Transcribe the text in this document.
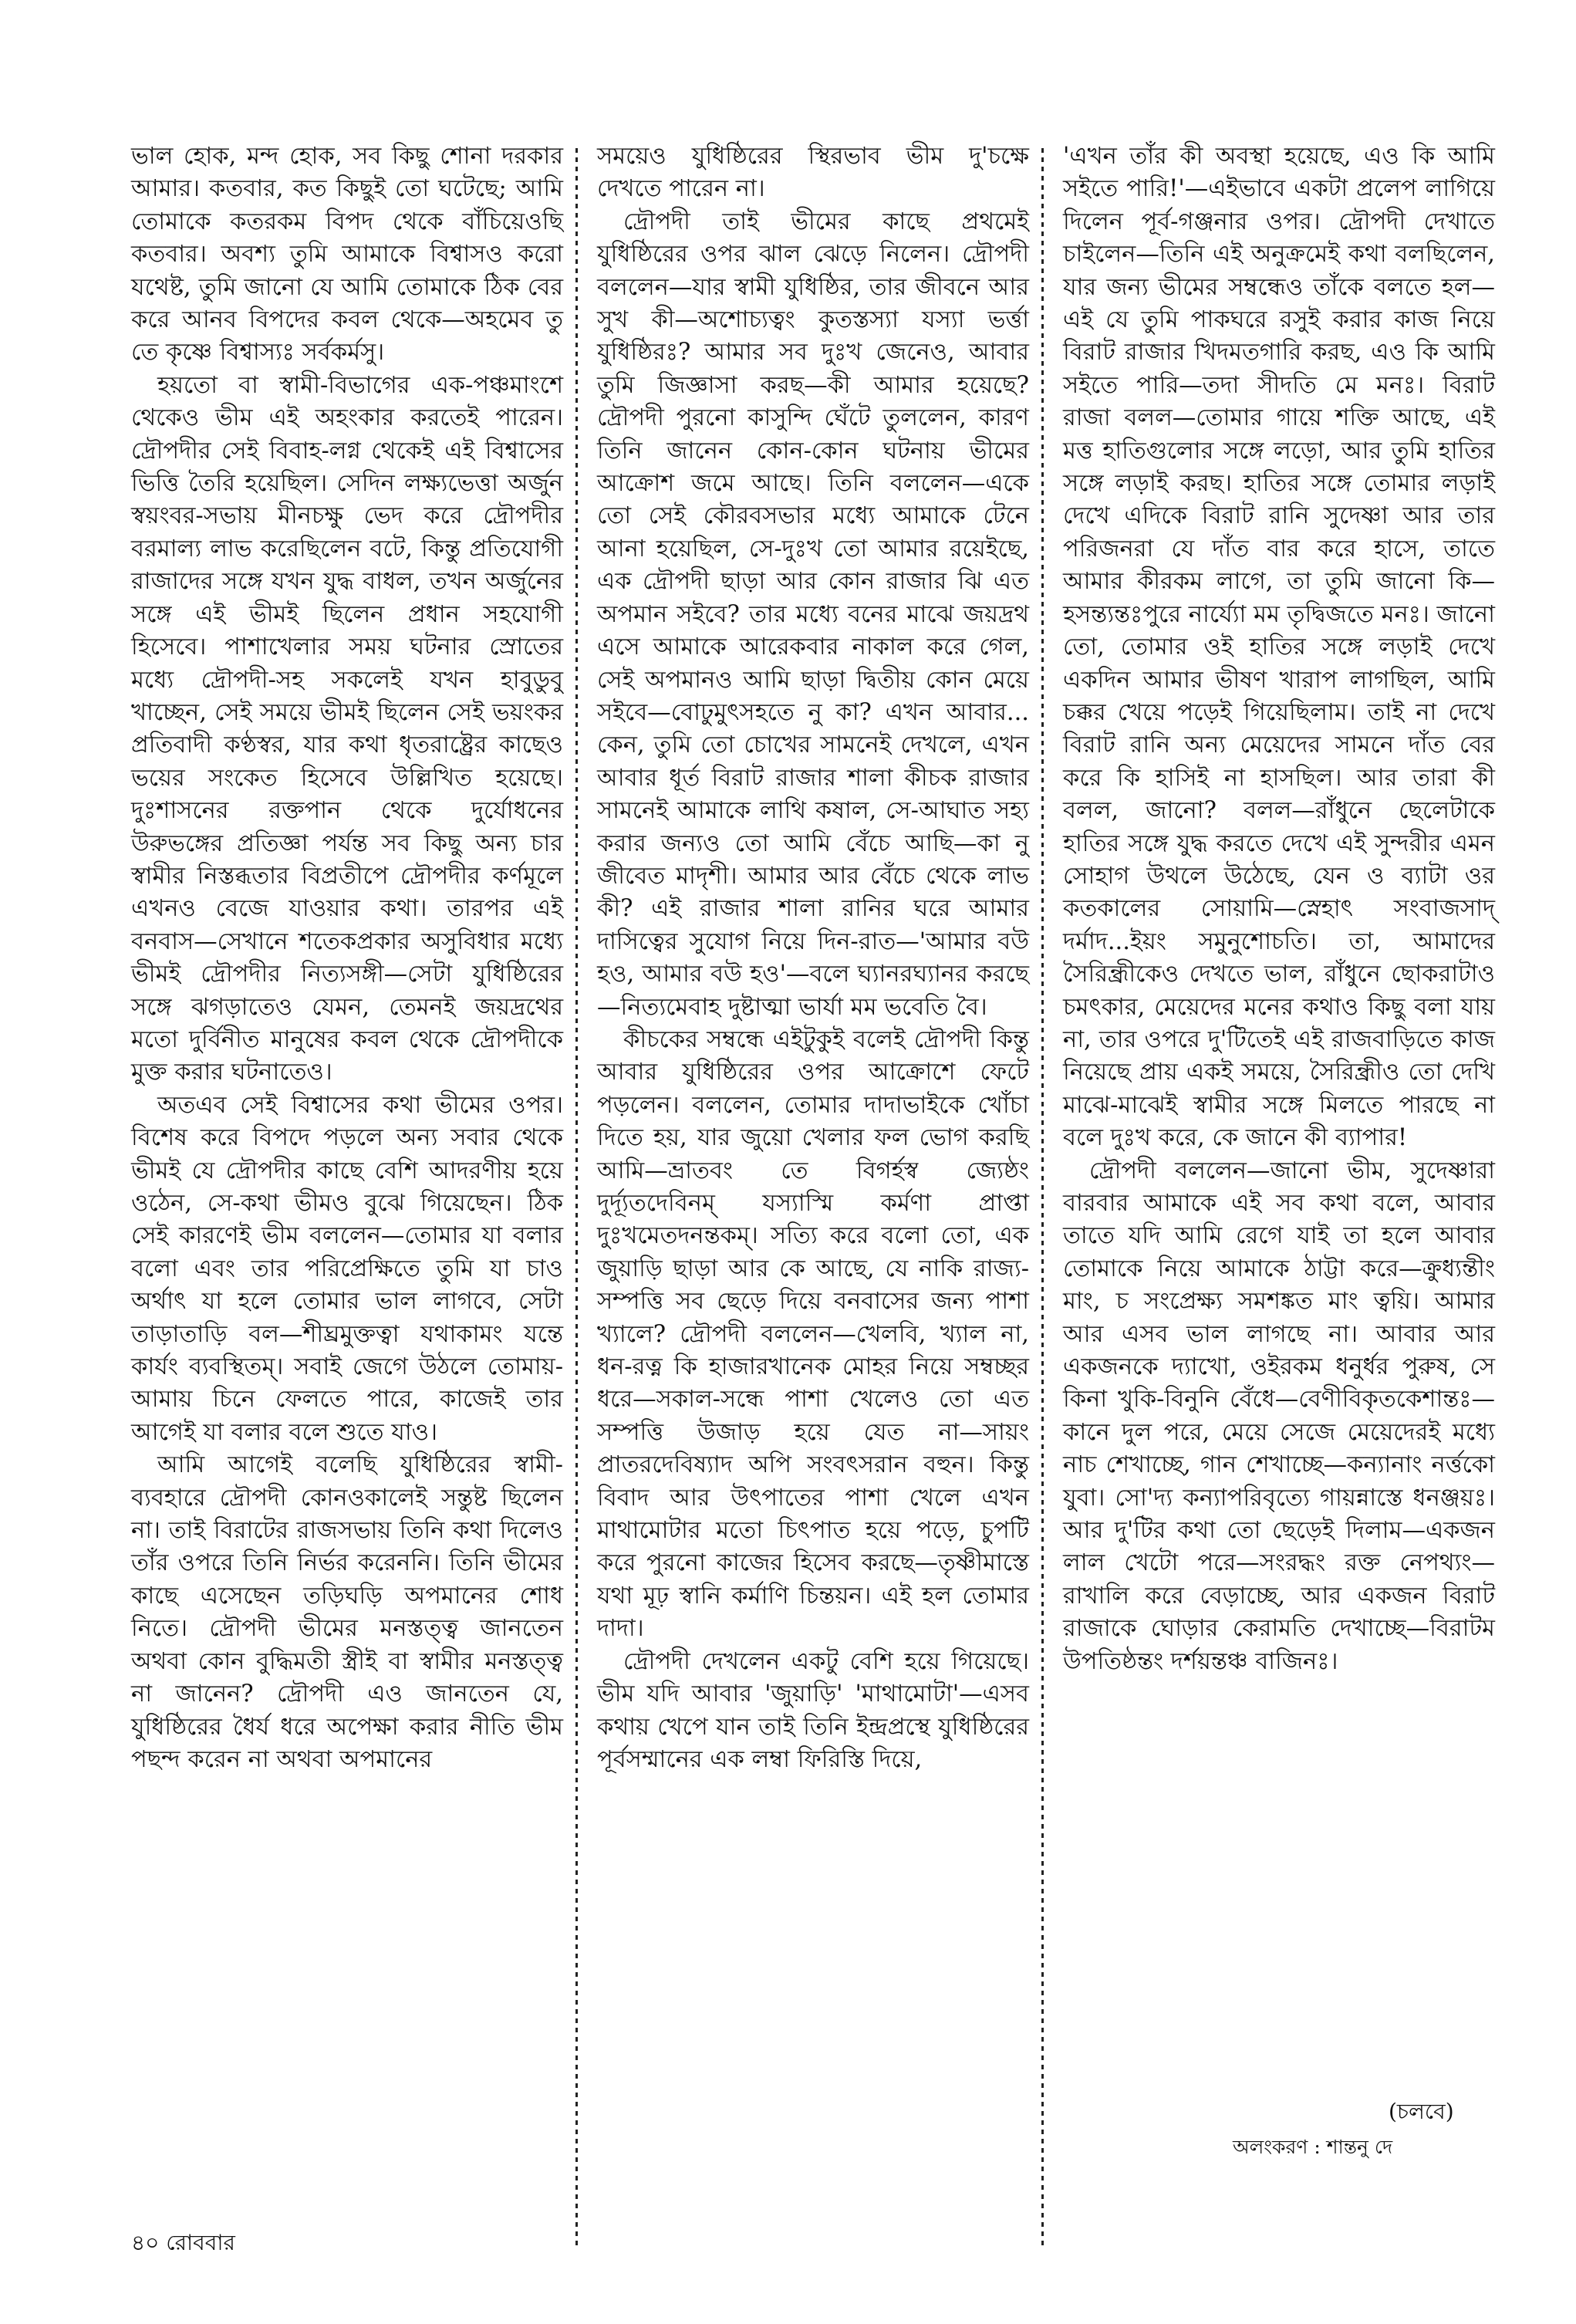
ভাল হোক, মন্দ হোক, সব কিছু শোনা দরকার আমার। কতবার, কত কিছুই তো ঘটেছে; আমি তোমাকে কতরকম বিপদ থেকে বাঁচিয়েওছি কতবার। অবশ্য তুমি আমাকে বিশ্বাসও করো যথেষ্ট, তুমি জানো যে আমি তোমাকে ঠিক বের করে আনব বিপদের কবল থেকে—অহমেব তু তে কৃষ্ণে বিশ্বাস্যঃ সর্বকর্মসু।

হয়তো বা স্বামী-বিভাগের এক-পঞ্চমাংশে থেকেও ভীম এই অহংকার করতেই পারেন। দ্রৌপদীর সেই বিবাহ-লগ্ন থেকেই এই বিশ্বাসের ভিত্তি তৈরি হয়েছিল। সেদিন লক্ষ্যভেত্তা অর্জুন স্বয়ংবর-সভায় মীনচক্ষু ভেদ করে দ্রৌপদীর বরমাল্য লাভ করেছিলেন বটে, কিন্তু প্রতিযোগী রাজাদের সঙ্গে যখন যুদ্ধ বাধল, তখন অর্জুনের সঙ্গে এই ভীমই ছিলেন প্রধান সহযোগী হিসেবে। পাশাখেলার সময় ঘটনার স্রোতের মধ্যে দ্রৌপদী-সহ সকলেই যখন হাবুডুবু খাচ্ছেন, সেই সময়ে ভীমই ছিলেন সেই ভয়ংকর প্রতিবাদী কণ্ঠস্বর, যার কথা ধৃতরাষ্ট্রের কাছেও ভয়ের সংকেত হিসেবে উল্লিখিত হয়েছে। দুঃশাসনের রক্তপান থেকে দুর্যোধনের উরুভঙ্গের প্রতিজ্ঞা পর্যন্ত সব কিছু অন্য চার স্বামীর নিস্তব্ধতার বিপ্রতীপে দ্রৌপদীর কর্ণমূলে এখনও বেজে যাওয়ার কথা। তারপর এই বনবাস—সেখানে শতেকপ্রকার অসুবিধার মধ্যে ভীমই দ্রৌপদীর নিত্যসঙ্গী—সেটা যুধিষ্ঠিরের সঙ্গে ঝগড়াতেও যেমন, তেমনই জয়দ্রথের মতো দুর্বিনীত মানুষের কবল থেকে দ্রৌপদীকে মুক্ত করার ঘটনাতেও।

অতএব সেই বিশ্বাসের কথা ভীমের ওপর। বিশেষ করে বিপদে পড়লে অন্য সবার থেকে ভীমই যে দ্রৌপদীর কাছে বেশি আদরণীয় হয়ে ওঠেন, সে-কথা ভীমও বুঝে গিয়েছেন। ঠিক সেই কারণেই ভীম বললেন—তোমার যা বলার বলো এবং তার পরিপ্রেক্ষিতে তুমি যা চাও অর্থাৎ যা হলে তোমার ভাল লাগবে, সেটা তাড়াতাড়ি বল—শীঘ্রমুক্তত্বা যথাকামং যন্তে কার্যং ব্যবস্থিতম্। সবাই জেগে উঠলে তোমায়-আমায় চিনে ফেলতে পারে, কাজেই তার আগেই যা বলার বলে শুতে যাও।

আমি আগেই বলেছি যুধিষ্ঠিরের স্বামী-ব্যবহারে দ্রৌপদী কোনওকালেই সন্তুষ্ট ছিলেন না। তাই বিরাটের রাজসভায় তিনি কথা দিলেও তাঁর ওপরে তিনি নির্ভর করেননি। তিনি ভীমের কাছে এসেছেন তড়িঘড়ি অপমানের শোধ নিতে। দ্রৌপদী ভীমের মনস্তত্ত্ব জানতেন অথবা কোন বুদ্ধিমতী স্ত্রীই বা স্বামীর মনস্তত্ত্ব না জানেন? দ্রৌপদী এও জানতেন যে, যুধিষ্ঠিরের ধৈর্য ধরে অপেক্ষা করার নীতি ভীম পছন্দ করেন না অথবা অপমানের

সময়েও যুধিষ্ঠিরের স্থিরভাব ভীম দু'চক্ষে দেখতে পারেন না।

দ্রৌপদী তাই ভীমের কাছে প্রথমেই যুধিষ্ঠিরের ওপর ঝাল ঝেড়ে নিলেন। দ্রৌপদী বললেন—যার স্বামী যুধিষ্ঠির, তার জীবনে আর সুখ কী—অশোচ্যত্বং কুতস্তস্যা যস্যা ভর্ত্তা যুধিষ্ঠিরঃ? আমার সব দুঃখ জেনেও, আবার তুমি জিজ্ঞাসা করছ—কী আমার হয়েছে? দ্রৌপদী পুরনো কাসুন্দি ঘেঁটে তুললেন, কারণ তিনি জানেন কোন-কোন ঘটনায় ভীমের আক্রোশ জমে আছে। তিনি বললেন—একে তো সেই কৌরবসভার মধ্যে আমাকে টেনে আনা হয়েছিল, সে-দুঃখ তো আমার রয়েইছে, এক দ্রৌপদী ছাড়া আর কোন রাজার ঝি এত অপমান সইবে? তার মধ্যে বনের মাঝে জয়দ্রথ এসে আমাকে আরেকবার নাকাল করে গেল, সেই অপমানও আমি ছাড়া দ্বিতীয় কোন মেয়ে সইবে—বোঢুমুৎসহতে নু কা? এখন আবার... কেন, তুমি তো চোখের সামনেই দেখলে, এখন আবার ধূর্ত বিরাট রাজার শালা কীচক রাজার সামনেই আমাকে লাথি কষাল, সে-আঘাত সহ্য করার জন্যও তো আমি বেঁচে আছি—কা নু জীবেত মাদৃশী। আমার আর বেঁচে থেকে লাভ কী? এই রাজার শালা রানির ঘরে আমার দাসিত্বের সুযোগ নিয়ে দিন-রাত—'আমার বউ হও, আমার বউ হও'—বলে ঘ্যানরঘ্যানর করছে—নিত্যমেবাহ দুষ্টাত্মা ভার্যা মম ভবেতি বৈ।

কীচকের সম্বন্ধে এইটুকুই বলেই দ্রৌপদী কিন্তু আবার যুধিষ্ঠিরের ওপর আক্রোশে ফেটে পড়লেন। বললেন, তোমার দাদাভাইকে খোঁচা দিতে হয়, যার জুয়ো খেলার ফল ভোগ করছি আমি—ভ্রাতবং তে বিগর্হস্ব জ্যেষ্ঠং দুর্দ্যূতদেবিনম্ যস্যাস্মি কর্মণা প্রাপ্তা দুঃখমেতদনন্তকম্। সত্যি করে বলো তো, এক জুয়াড়ি ছাড়া আর কে আছে, যে নাকি রাজ্য-সম্পত্তি সব ছেড়ে দিয়ে বনবাসের জন্য পাশা খ্যালে? দ্রৌপদী বললেন—খেলবি, খ্যাল না, ধন-রত্ন কি হাজারখানেক মোহর নিয়ে সম্বচ্ছর ধরে—সকাল-সন্ধে পাশা খেলেও তো এত সম্পত্তি উজাড় হয়ে যেত না—সায়ং প্রাতরদেবিষ্যাদ অপি সংবৎসরান বহুন। কিন্তু বিবাদ আর উৎপাতের পাশা খেলে এখন মাথামোটার মতো চিৎপাত হয়ে পড়ে, চুপটি করে পুরনো কাজের হিসেব করছে—তৃষ্ণীমাস্তে যথা মূঢ় স্বানি কর্মাণি চিন্তয়ন। এই হল তোমার দাদা।

দ্রৌপদী দেখলেন একটু বেশি হয়ে গিয়েছে। ভীম যদি আবার 'জুয়াড়ি' 'মাথামোটা'—এসব কথায় খেপে যান তাই তিনি ইন্দ্রপ্রস্থে যুধিষ্ঠিরের পূর্বসম্মানের এক লম্বা ফিরিস্তি দিয়ে,

'এখন তাঁর কী অবস্থা হয়েছে, এও কি আমি সইতে পারি!'—এইভাবে একটা প্রলেপ লাগিয়ে দিলেন পূর্ব-গঞ্জনার ওপর। দ্রৌপদী দেখাতে চাইলেন—তিনি এই অনুক্রমেই কথা বলছিলেন, যার জন্য ভীমের সম্বন্ধেও তাঁকে বলতে হল—এই যে তুমি পাকঘরে রসুই করার কাজ নিয়ে বিরাট রাজার খিদমতগারি করছ, এও কি আমি সইতে পারি—তদা সীদতি মে মনঃ। বিরাট রাজা বলল—তোমার গায়ে শক্তি আছে, এই মত্ত হাতিগুলোর সঙ্গে লড়ো, আর তুমি হাতির সঙ্গে লড়াই করছ। হাতির সঙ্গে তোমার লড়াই দেখে এদিকে বিরাট রানি সুদেষ্ণা আর তার পরিজনরা যে দাঁত বার করে হাসে, তাতে আমার কীরকম লাগে, তা তুমি জানো কি—হসন্ত্যন্তঃপুরে নার্য্যো মম তৃদ্বিজতে মনঃ। জানো তো, তোমার ওই হাতির সঙ্গে লড়াই দেখে একদিন আমার ভীষণ খারাপ লাগছিল, আমি চক্কর খেয়ে পড়েই গিয়েছিলাম। তাই না দেখে বিরাট রানি অন্য মেয়েদের সামনে দাঁত বের করে কি হাসিই না হাসছিল। আর তারা কী বলল, জানো? বলল—রাঁধুনে ছেলেটাকে হাতির সঙ্গে যুদ্ধ করতে দেখে এই সুন্দরীর এমন সোহাগ উথলে উঠেছে, যেন ও ব্যাটা ওর কতকালের সোয়ামি—স্নেহাৎ সংবাজসাদ্ দর্মাদ...ইয়ং সমুনুশোচতি। তা, আমাদের সৈরিন্ধ্রীকেও দেখতে ভাল, রাঁধুনে ছোকরাটাও চমৎকার, মেয়েদের মনের কথাও কিছু বলা যায় না, তার ওপরে দু'টিতেই এই রাজবাড়িতে কাজ নিয়েছে প্রায় একই সময়ে, সৈরিন্ধ্রীও তো দেখি মাঝে-মাঝেই স্বামীর সঙ্গে মিলতে পারছে না বলে দুঃখ করে, কে জানে কী ব্যাপার!

দ্রৌপদী বললেন—জানো ভীম, সুদেষ্ণারা বারবার আমাকে এই সব কথা বলে, আবার তাতে যদি আমি রেগে যাই তা হলে আবার তোমাকে নিয়ে আমাকে ঠাট্টা করে—ক্রুধ্যন্তীং মাং, চ সংপ্রেক্ষ্য সমশঙ্কত মাং ত্বয়ি। আমার আর এসব ভাল লাগছে না। আবার আর একজনকে দ্যাখো, ওইরকম ধনুর্ধর পুরুষ, সে কিনা খুকি-বিনুনি বেঁধে—বেণীবিকৃতকেশান্তঃ—কানে দুল পরে, মেয়ে সেজে মেয়েদেরই মধ্যে নাচ শেখাচ্ছে, গান শেখাচ্ছে—কন্যানাং নর্ত্তকো যুবা। সো'দ্য কন্যাপরিবৃত্যে গায়ন্নাস্তে ধনঞ্জয়ঃ। আর দু'টির কথা তো ছেড়েই দিলাম—একজন লাল খেটো পরে—সংরদ্ধং রক্ত নেপথ্যং—রাখালি করে বেড়াচ্ছে, আর একজন বিরাট রাজাকে ঘোড়ার কেরামতি দেখাচ্ছে—বিরাটম উপতিষ্ঠন্তং দর্শয়ন্তঞ্চ বাজিনঃ।

(চলবে)
অলংকরণ : শান্তনু দে
৪০ রোববার
